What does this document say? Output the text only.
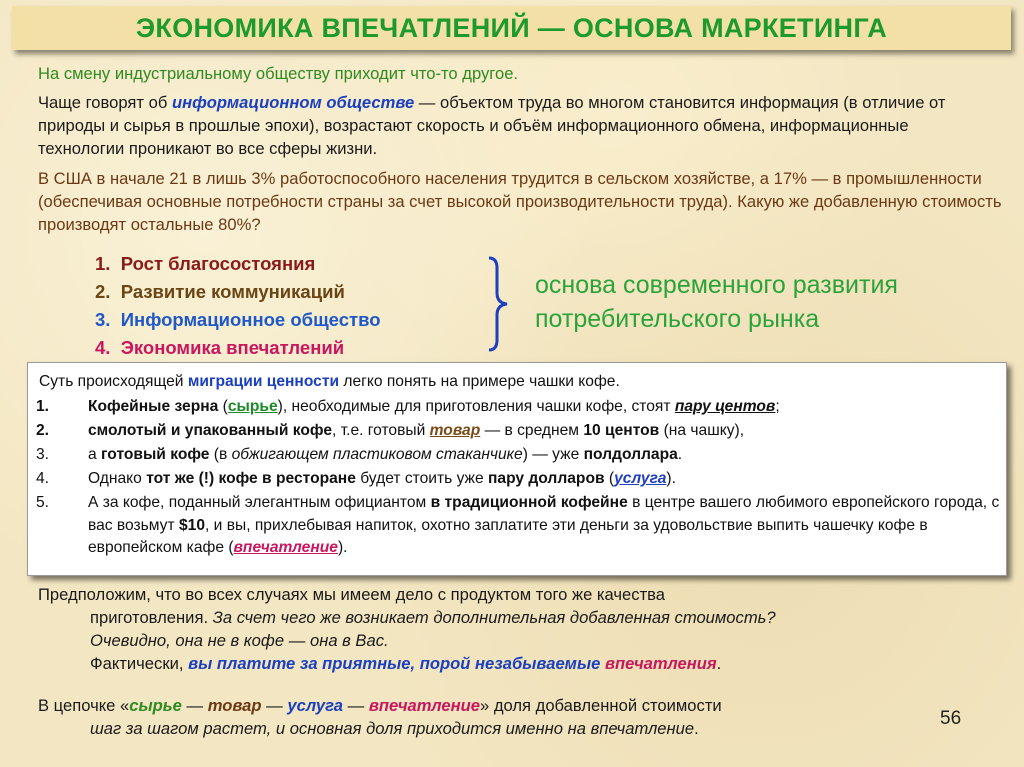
ЭКОНОМИКА ВПЕЧАТЛЕНИЙ — ОСНОВА МАРКЕТИНГА

На смену индустриальному обществу приходит что-то другое.

Чаще говорят об информационном обществе — объектом труда во многом становится информация (в отличие от природы и сырья в прошлые эпохи), возрастают скорость и объём информационного обмена, информационные технологии проникают во все сферы жизни.

В США в начале 21 в лишь 3% работоспособного населения трудится в сельском хозяйстве, а 17% — в промышленности (обеспечивая основные потребности страны за счет высокой производительности труда). Какую же добавленную стоимость производят остальные 80%?

1. Рост благосостояния
2. Развитие коммуникаций
3. Информационное общество
4. Экономика впечатлений
основа современного развития
потребительского рынка
Суть происходящей миграции ценности легко понять на примере чашки кофе.
1.	Кофейные зерна (сырье), необходимые для приготовления чашки кофе, стоят пару центов;
2.	смолотый и упакованный кофе, т.е. готовый товар — в среднем 10 центов (на чашку),
3.	а готовый кофе (в обжигающем пластиковом стаканчике) — уже полдоллара.
4.	Однако тот же (!) кофе в ресторане будет стоить уже пару долларов (услуга).
5.	А за кофе, поданный элегантным официантом в традиционной кофейне в центре вашего любимого европейского города, с вас возьмут $10, и вы, прихлебывая напиток, охотно заплатите эти деньги за удовольствие выпить чашечку кофе в европейском кафе (впечатление).
Предположим, что во всех случаях мы имеем дело с продуктом того же качества
приготовления. За счет чего же возникает дополнительная добавленная стоимость?
Очевидно, она не в кофе — она в Вас.
Фактически, вы платите за приятные, порой незабываемые впечатления.
В цепочке «сырье — товар — услуга — впечатление» доля добавленной стоимости
шаг за шагом растет, и основная доля приходится именно на впечатление.	56
